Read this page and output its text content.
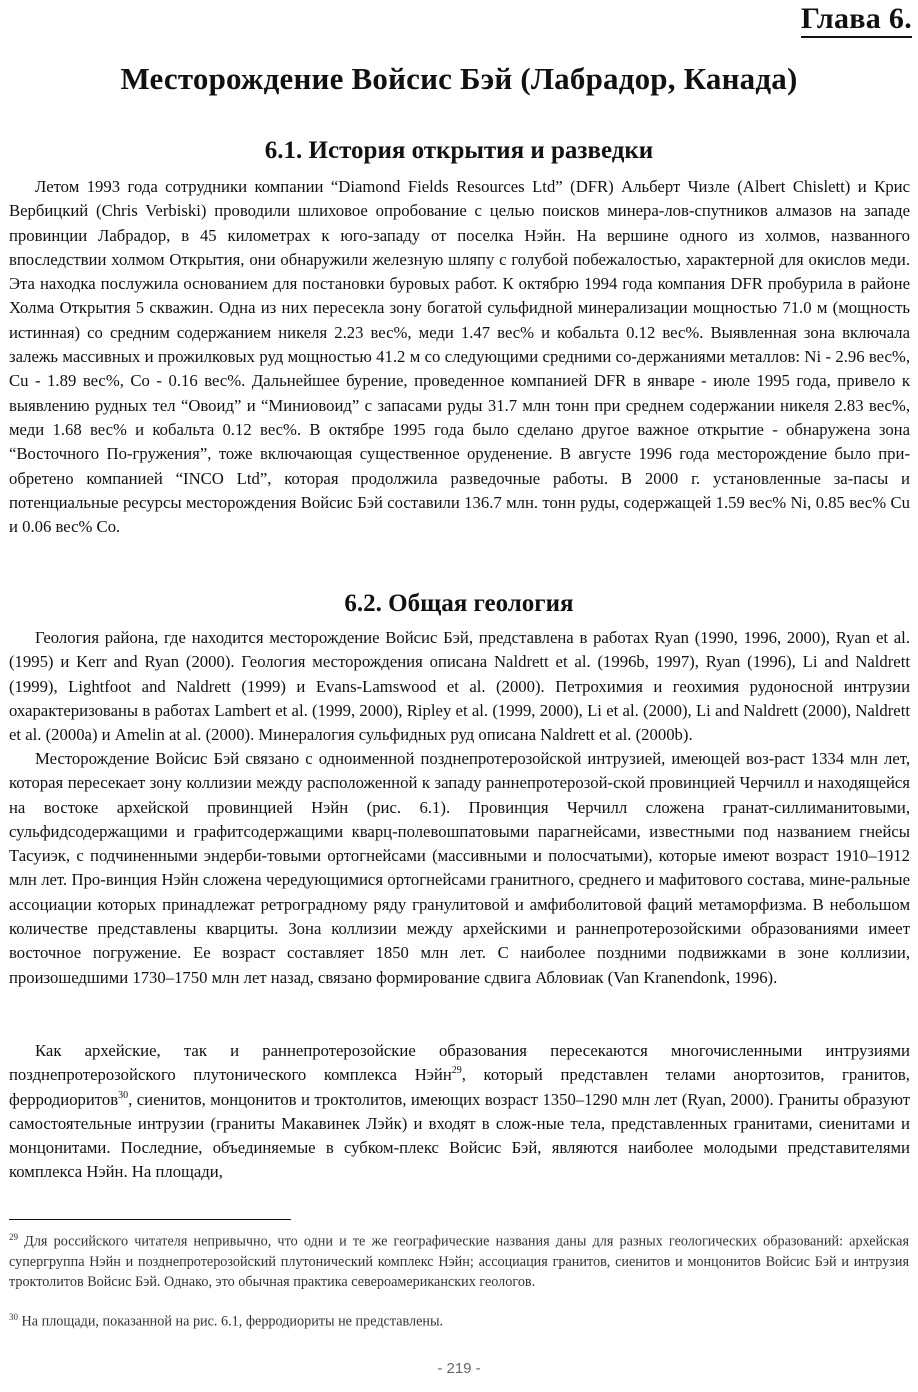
Глава 6.
Месторождение Войсис Бэй (Лабрадор, Канада)
6.1. История открытия и разведки

Летом 1993 года сотрудники компании “Diamond Fields Resources Ltd” (DFR) Альберт Чизле (Albert Chislett) и Крис Вербицкий (Chris Verbiski) проводили шлиховое опробование с целью поисков минера-лов-спутников алмазов на западе провинции Лабрадор, в 45 километрах к юго-западу от поселка Нэйн. На вершине одного из холмов, названного впоследствии холмом Открытия, они обнаружили железную шляпу с голубой побежалостью, характерной для окислов меди. Эта находка послужила основанием для постановки буровых работ. К октябрю 1994 года компания DFR пробурила в районе Холма Открытия 5 скважин. Одна из них пересекла зону богатой сульфидной минерализации мощностью 71.0 м (мощность истинная) со средним содержанием никеля 2.23 вес%, меди 1.47 вес% и кобальта 0.12 вес%. Выявленная зона включала залежь массивных и прожилковых руд мощностью 41.2 м со следующими средними со-держаниями металлов: Ni - 2.96 вес%, Cu - 1.89 вес%, Co - 0.16 вес%. Дальнейшее бурение, проведенное компанией DFR в январе - июле 1995 года, привело к выявлению рудных тел “Овоид” и “Миниовоид” с запасами руды 31.7 млн тонн при среднем содержании никеля 2.83 вес%, меди 1.68 вес% и кобальта 0.12 вес%. В октябре 1995 года было сделано другое важное открытие - обнаружена зона “Восточного По-гружения”, тоже включающая существенное оруденение. В августе 1996 года месторождение было при-обретено компанией “INCO Ltd”, которая продолжила разведочные работы. В 2000 г. установленные за-пасы и потенциальные ресурсы месторождения Войсис Бэй составили 136.7 млн. тонн руды, содержащей 1.59 вес% Ni, 0.85 вес% Cu и 0.06 вес% Co.

6.2. Общая геология

Геология района, где находится месторождение Войсис Бэй, представлена в работах Ryan (1990, 1996, 2000), Ryan et al. (1995) и Kerr and Ryan (2000). Геология месторождения описана Naldrett et al. (1996b, 1997), Ryan (1996), Li and Naldrett (1999), Lightfoot and Naldrett (1999) и Evans-Lamswood et al. (2000). Петрохимия и геохимия рудоносной интрузии охарактеризованы в работах Lambert et al. (1999, 2000), Ripley et al. (1999, 2000), Li et al. (2000), Li and Naldrett (2000), Naldrett et al. (2000a) и Amelin at al. (2000). Минералогия сульфидных руд описана Naldrett et al. (2000b).

Месторождение Войсис Бэй связано с одноименной позднепротерозойской интрузией, имеющей воз-раст 1334 млн лет, которая пересекает зону коллизии между расположенной к западу раннепротерозой-ской провинцией Черчилл и находящейся на востоке архейской провинцией Нэйн (рис. 6.1). Провинция Черчилл сложена гранат-силлиманитовыми, сульфидсодержащими и графитсодержащими кварц-полевошпатовыми парагнейсами, известными под названием гнейсы Тасуиэк, с подчиненными эндерби-товыми ортогнейсами (массивными и полосчатыми), которые имеют возраст 1910–1912 млн лет. Про-винция Нэйн сложена чередующимися ортогнейсами гранитного, среднего и мафитового состава, мине-ральные ассоциации которых принадлежат ретроградному ряду гранулитовой и амфиболитовой фаций метаморфизма. В небольшом количестве представлены кварциты. Зона коллизии между архейскими и раннепротерозойскими образованиями имеет восточное погружение. Ее возраст составляет 1850 млн лет. С наиболее поздними подвижками в зоне коллизии, произошедшими 1730–1750 млн лет назад, связано формирование сдвига Абловиак (Van Kranendonk, 1996).

Как архейские, так и раннепротерозойские образования пересекаются многочисленными интрузиями позднепротерозойского плутонического комплекса Нэйн$^{29}$, который представлен телами анортозитов, гранитов, ферродиоритов$^{30}$, сиенитов, монцонитов и троктолитов, имеющих возраст 1350–1290 млн лет (Ryan, 2000). Граниты образуют самостоятельные интрузии (граниты Макавинек Лэйк) и входят в слож-ные тела, представленных гранитами, сиенитами и монцонитами. Последние, объединяемые в субком-плекс Войсис Бэй, являются наиболее молодыми представителями комплекса Нэйн. На площади,

$^{29}$ Для российского читателя непривычно, что одни и те же географические названия даны для разных геологических образований: архейская супергруппа Нэйн и позднепротерозойский плутонический комплекс Нэйн; ассоциация гранитов, сиенитов и монцонитов Войсис Бэй и интрузия троктолитов Войсис Бэй. Однако, это обычная практика североамериканских геологов.

$^{30}$ На площади, показанной на рис. 6.1, ферродиориты не представлены.

- 219 -
